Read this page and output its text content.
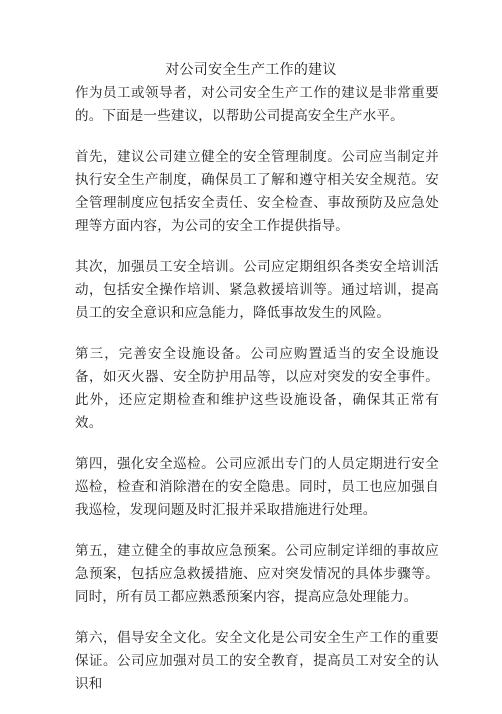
对公司安全生产工作的建议

作为员工或领导者，对公司安全生产工作的建议是非常重要的。下面是一些建议，以帮助公司提高安全生产水平。

首先，建议公司建立健全的安全管理制度。公司应当制定并执行安全生产制度，确保员工了解和遵守相关安全规范。安全管理制度应包括安全责任、安全检查、事故预防及应急处理等方面内容，为公司的安全工作提供指导。

其次，加强员工安全培训。公司应定期组织各类安全培训活动，包括安全操作培训、紧急救援培训等。通过培训，提高员工的安全意识和应急能力，降低事故发生的风险。

第三，完善安全设施设备。公司应购置适当的安全设施设备，如灭火器、安全防护用品等，以应对突发的安全事件。此外，还应定期检查和维护这些设施设备，确保其正常有效。

第四，强化安全巡检。公司应派出专门的人员定期进行安全巡检，检查和消除潜在的安全隐患。同时，员工也应加强自我巡检，发现问题及时汇报并采取措施进行处理。

第五，建立健全的事故应急预案。公司应制定详细的事故应急预案，包括应急救援措施、应对突发情况的具体步骤等。同时，所有员工都应熟悉预案内容，提高应急处理能力。

第六，倡导安全文化。安全文化是公司安全生产工作的重要保证。公司应加强对员工的安全教育，提高员工对安全的认识和
